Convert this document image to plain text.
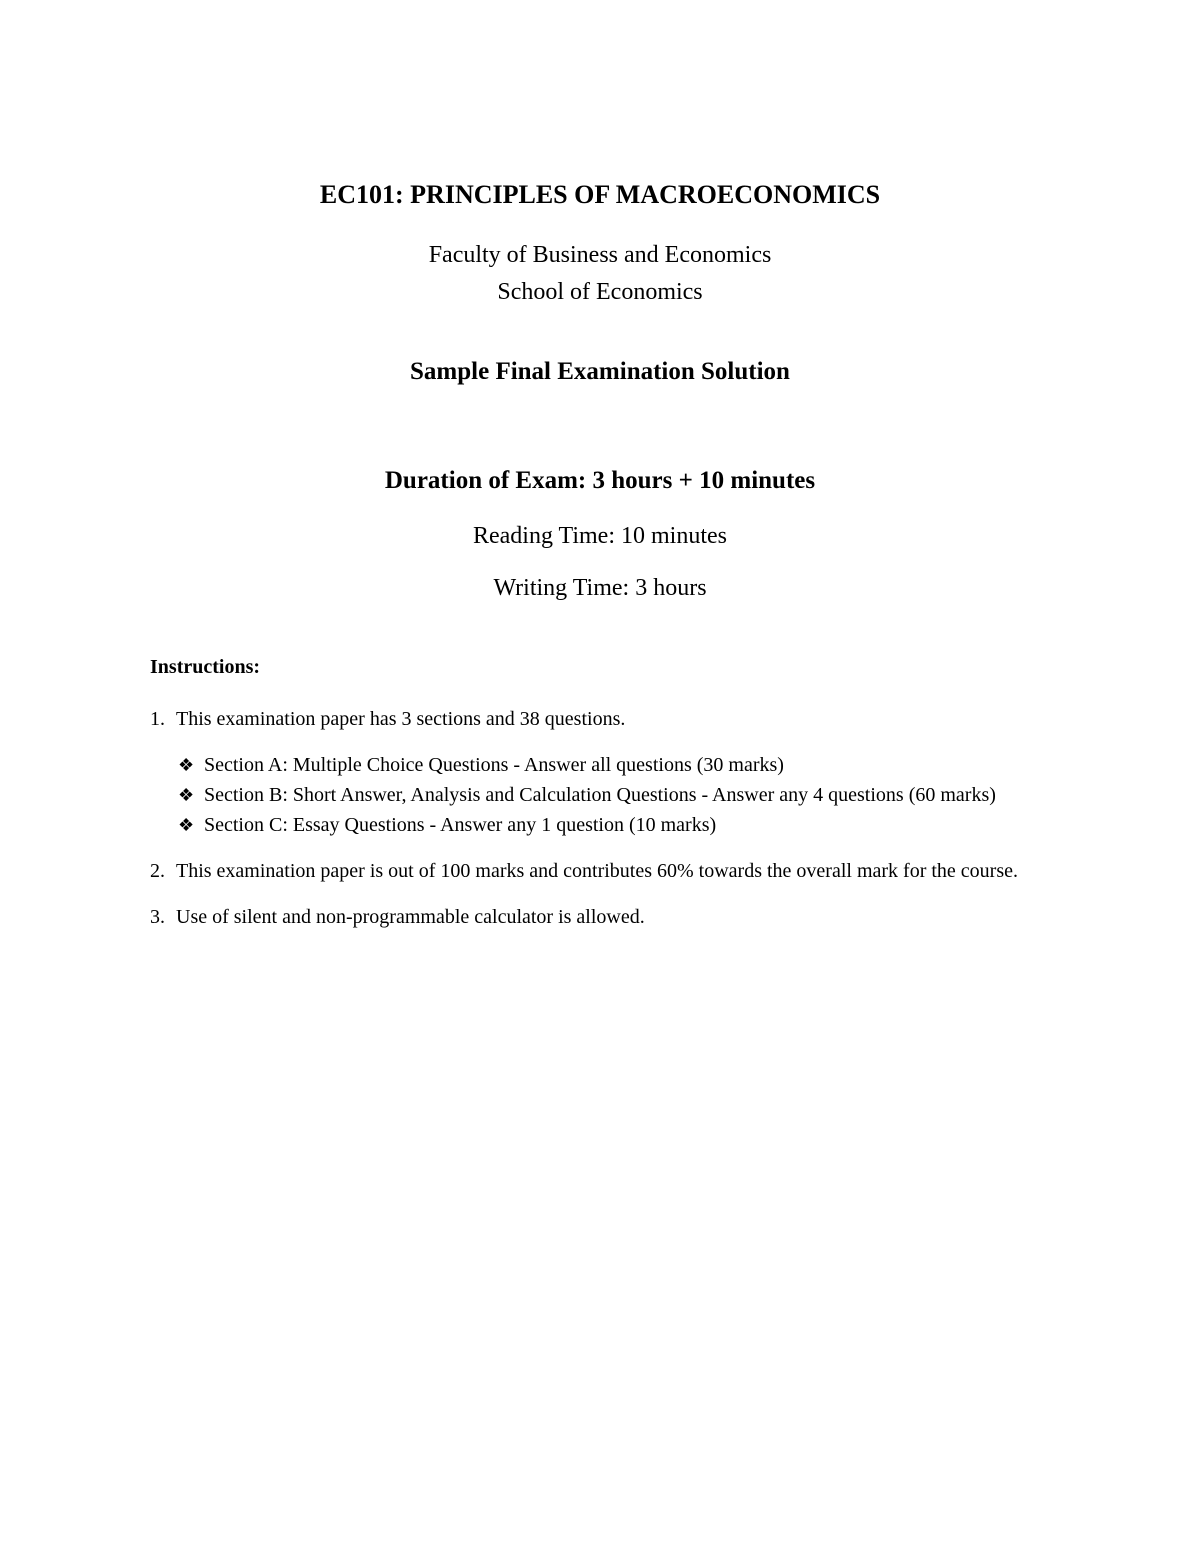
EC101: PRINCIPLES OF MACROECONOMICS
Faculty of Business and Economics
School of Economics
Sample Final Examination Solution
Duration of Exam: 3 hours + 10 minutes
Reading Time: 10 minutes
Writing Time: 3 hours
Instructions:
1. This examination paper has 3 sections and 38 questions.
❖ Section A: Multiple Choice Questions - Answer all questions (30 marks)
❖ Section B: Short Answer, Analysis and Calculation Questions - Answer any 4 questions (60 marks)
❖ Section C: Essay Questions - Answer any 1 question (10 marks)
2. This examination paper is out of 100 marks and contributes 60% towards the overall mark for the course.
3. Use of silent and non-programmable calculator is allowed.
